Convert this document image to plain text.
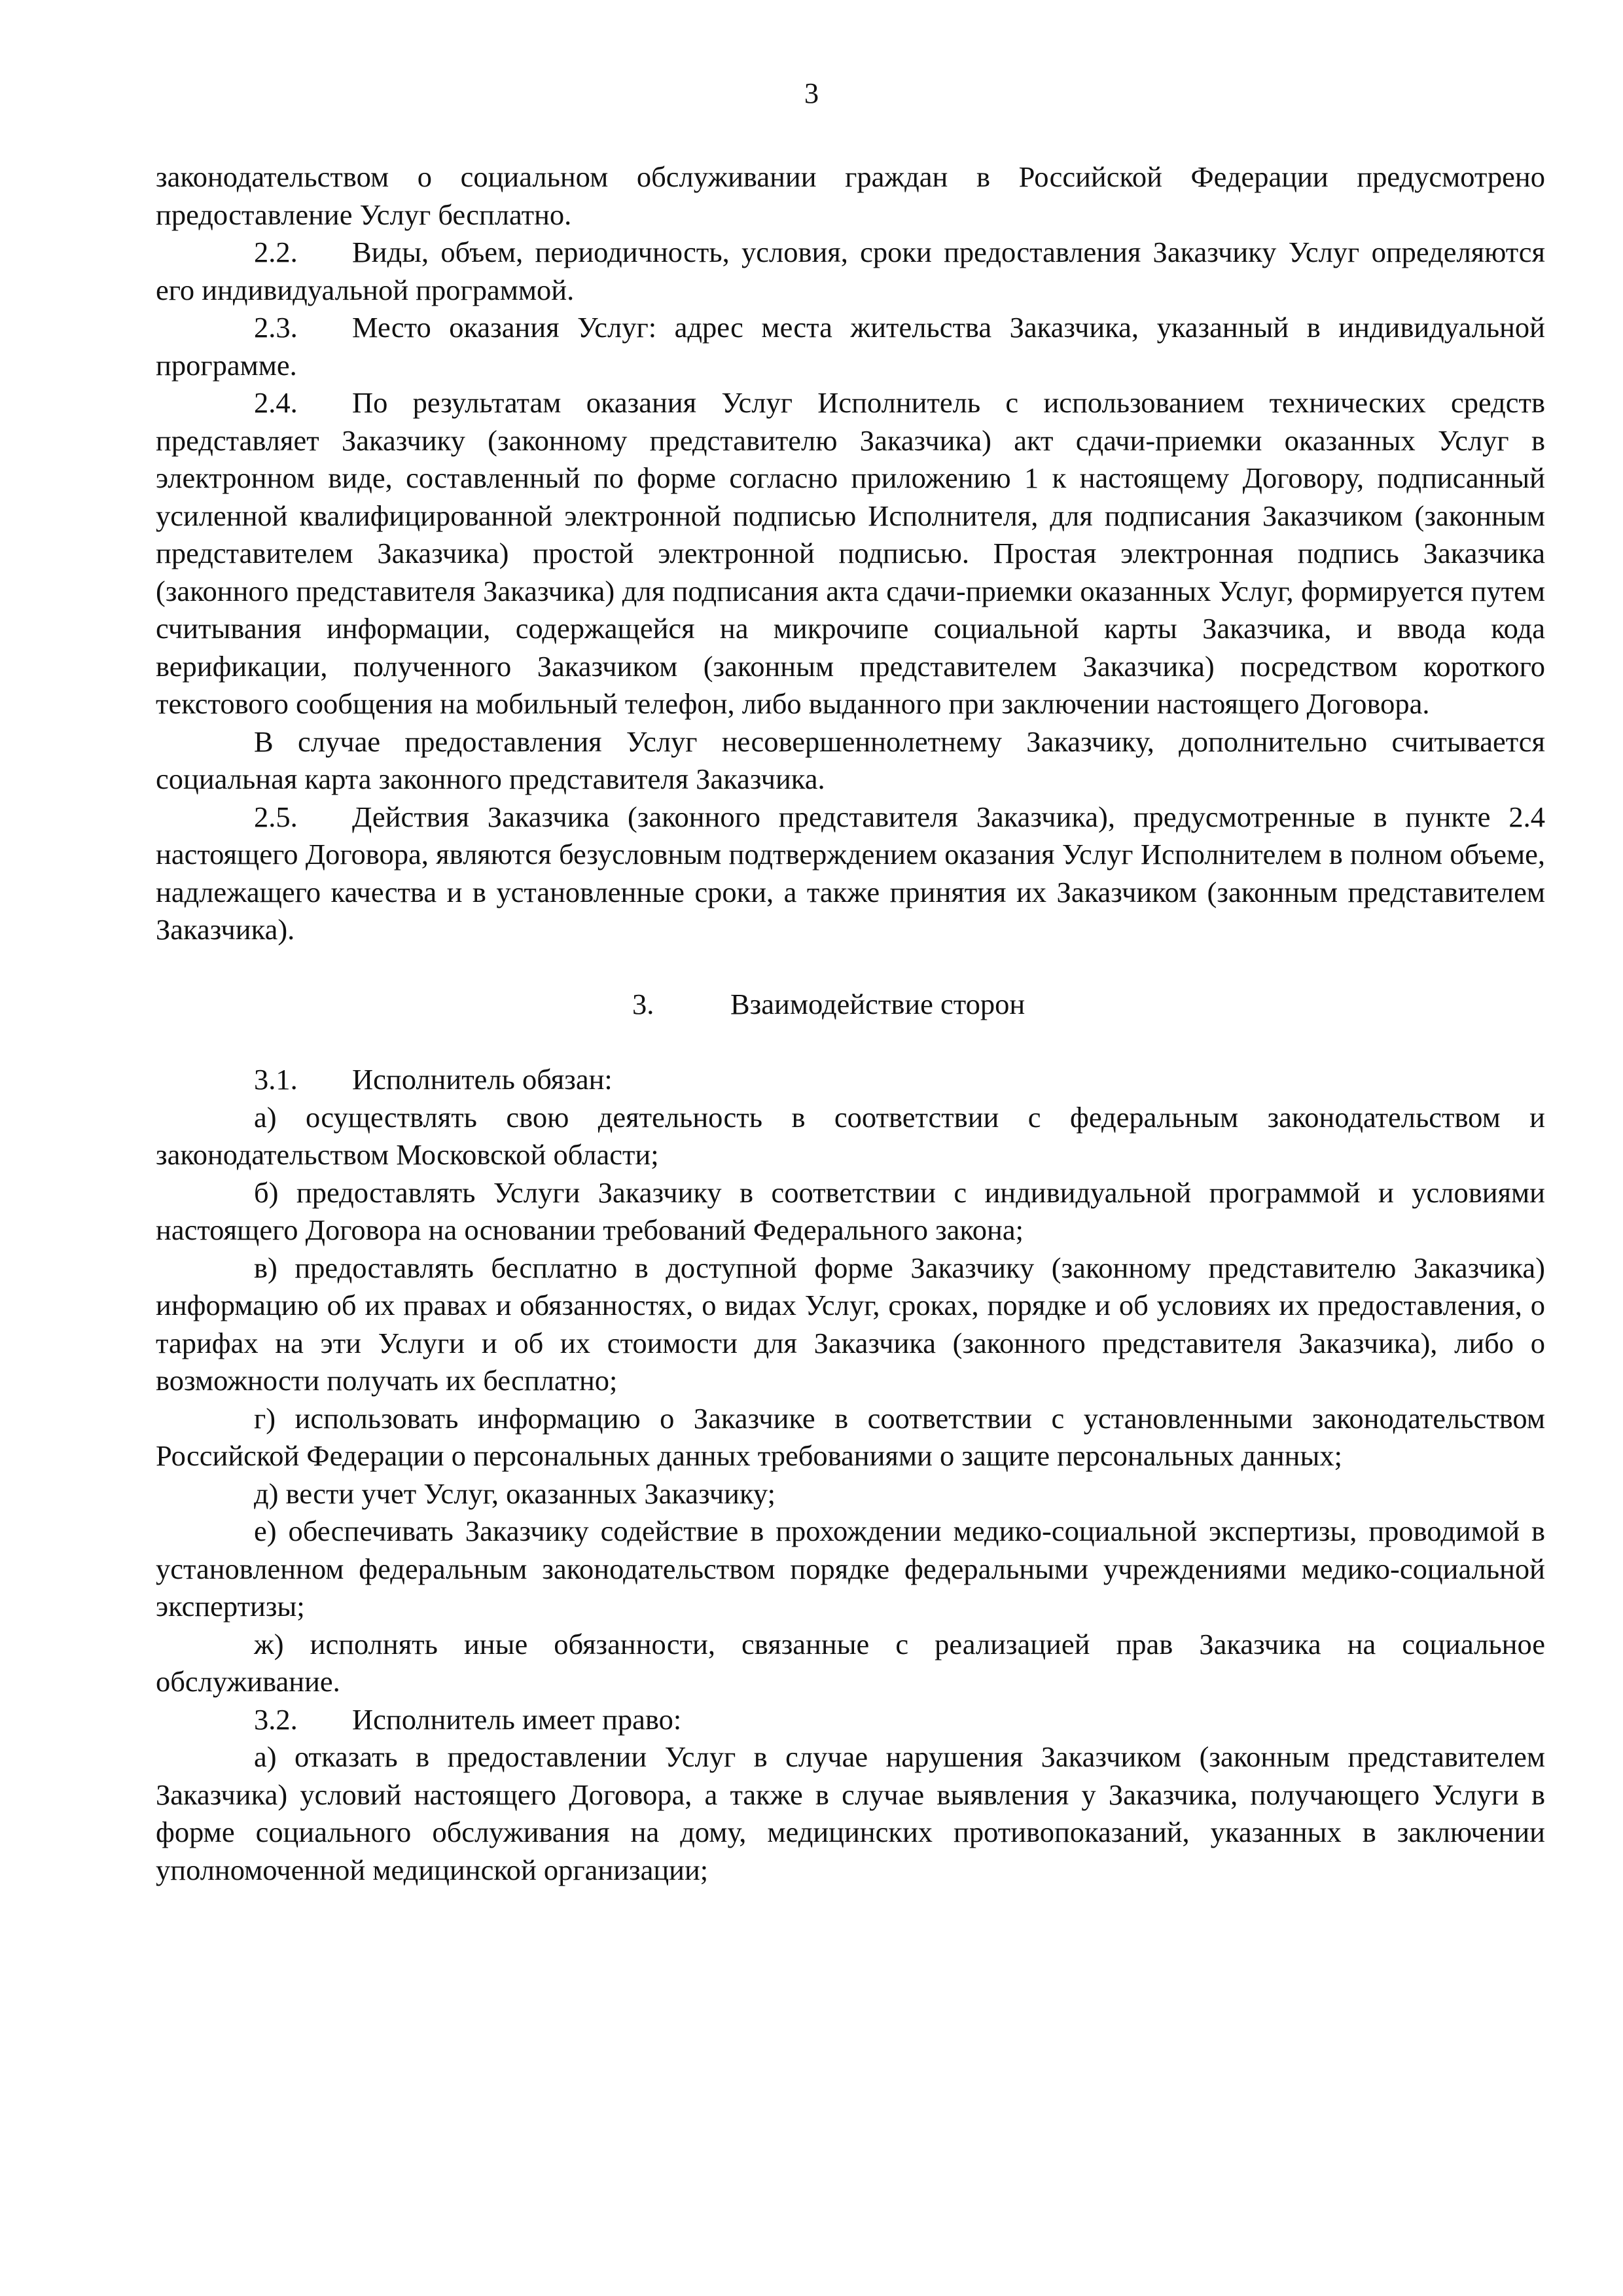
3

законодательством о социальном обслуживании граждан в Российской Федерации предусмотрено предоставление Услуг бесплатно.

2.2. Виды, объем, периодичность, условия, сроки предоставления Заказчику Услуг определяются его индивидуальной программой.

2.3. Место оказания Услуг: адрес места жительства Заказчика, указанный в индивидуальной программе.

2.4. По результатам оказания Услуг Исполнитель с использованием технических средств представляет Заказчику (законному представителю Заказчика) акт сдачи-приемки оказанных Услуг в электронном виде, составленный по форме согласно приложению 1 к настоящему Договору, подписанный усиленной квалифицированной электронной подписью Исполнителя, для подписания Заказчиком (законным представителем Заказчика) простой электронной подписью. Простая электронная подпись Заказчика (законного представителя Заказчика) для подписания акта сдачи-приемки оказанных Услуг, формируется путем считывания информации, содержащейся на микрочипе социальной карты Заказчика, и ввода кода верификации, полученного Заказчиком (законным представителем Заказчика) посредством короткого текстового сообщения на мобильный телефон, либо выданного при заключении настоящего Договора.

В случае предоставления Услуг несовершеннолетнему Заказчику, дополнительно считывается социальная карта законного представителя Заказчика.

2.5. Действия Заказчика (законного представителя Заказчика), предусмотренные в пункте 2.4 настоящего Договора, являются безусловным подтверждением оказания Услуг Исполнителем в полном объеме, надлежащего качества и в установленные сроки, а также принятия их Заказчиком (законным представителем Заказчика).

3.	Взаимодействие сторон

3.1. Исполнитель обязан:

а) осуществлять свою деятельность в соответствии с федеральным законодательством и законодательством Московской области;

б) предоставлять Услуги Заказчику в соответствии с индивидуальной программой и условиями настоящего Договора на основании требований Федерального закона;

в) предоставлять бесплатно в доступной форме Заказчику (законному представителю Заказчика) информацию об их правах и обязанностях, о видах Услуг, сроках, порядке и об условиях их предоставления, о тарифах на эти Услуги и об их стоимости для Заказчика (законного представителя Заказчика), либо о возможности получать их бесплатно;

г) использовать информацию о Заказчике в соответствии с установленными законодательством Российской Федерации о персональных данных требованиями о защите персональных данных;

д) вести учет Услуг, оказанных Заказчику;

е) обеспечивать Заказчику содействие в прохождении медико-социальной экспертизы, проводимой в установленном федеральным законодательством порядке федеральными учреждениями медико-социальной экспертизы;

ж) исполнять иные обязанности, связанные с реализацией прав Заказчика на социальное обслуживание.

3.2. Исполнитель имеет право:

а) отказать в предоставлении Услуг в случае нарушения Заказчиком (законным представителем Заказчика) условий настоящего Договора, а также в случае выявления у Заказчика, получающего Услуги в форме социального обслуживания на дому, медицинских противопоказаний, указанных в заключении уполномоченной медицинской организации;
